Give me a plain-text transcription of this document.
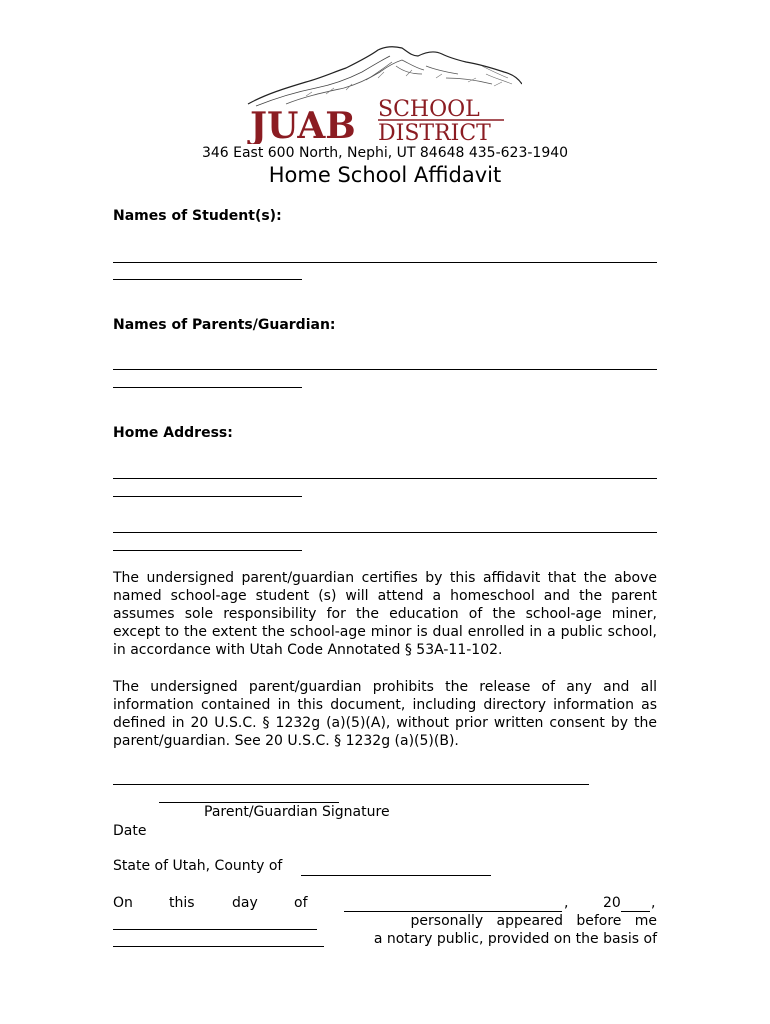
JUAB SCHOOL
DISTRICT
346 East 600 North, Nephi, UT 84648 435-623-1940
Home School Affidavit
Names of Student(s):
Names of Parents/Guardian:
Home Address:

The undersigned parent/guardian certifies by this affidavit that the above named school-age student (s) will attend a homeschool and the parent assumes sole responsibility for the education of the school-age miner, except to the extent the school-age minor is dual enrolled in a public school, in accordance with Utah Code Annotated § 53A-11-102.

The undersigned parent/guardian prohibits the release of any and all information contained in this document, including directory information as defined in 20 U.S.C. § 1232g (a)(5)(A), without prior written consent by the parent/guardian. See 20 U.S.C. § 1232g (a)(5)(B).

Parent/Guardian Signature
Date
State of Utah, County of
On	this	day	of	, 20 ,
personally   appeared   before   me
a notary public, provided on the basis of
